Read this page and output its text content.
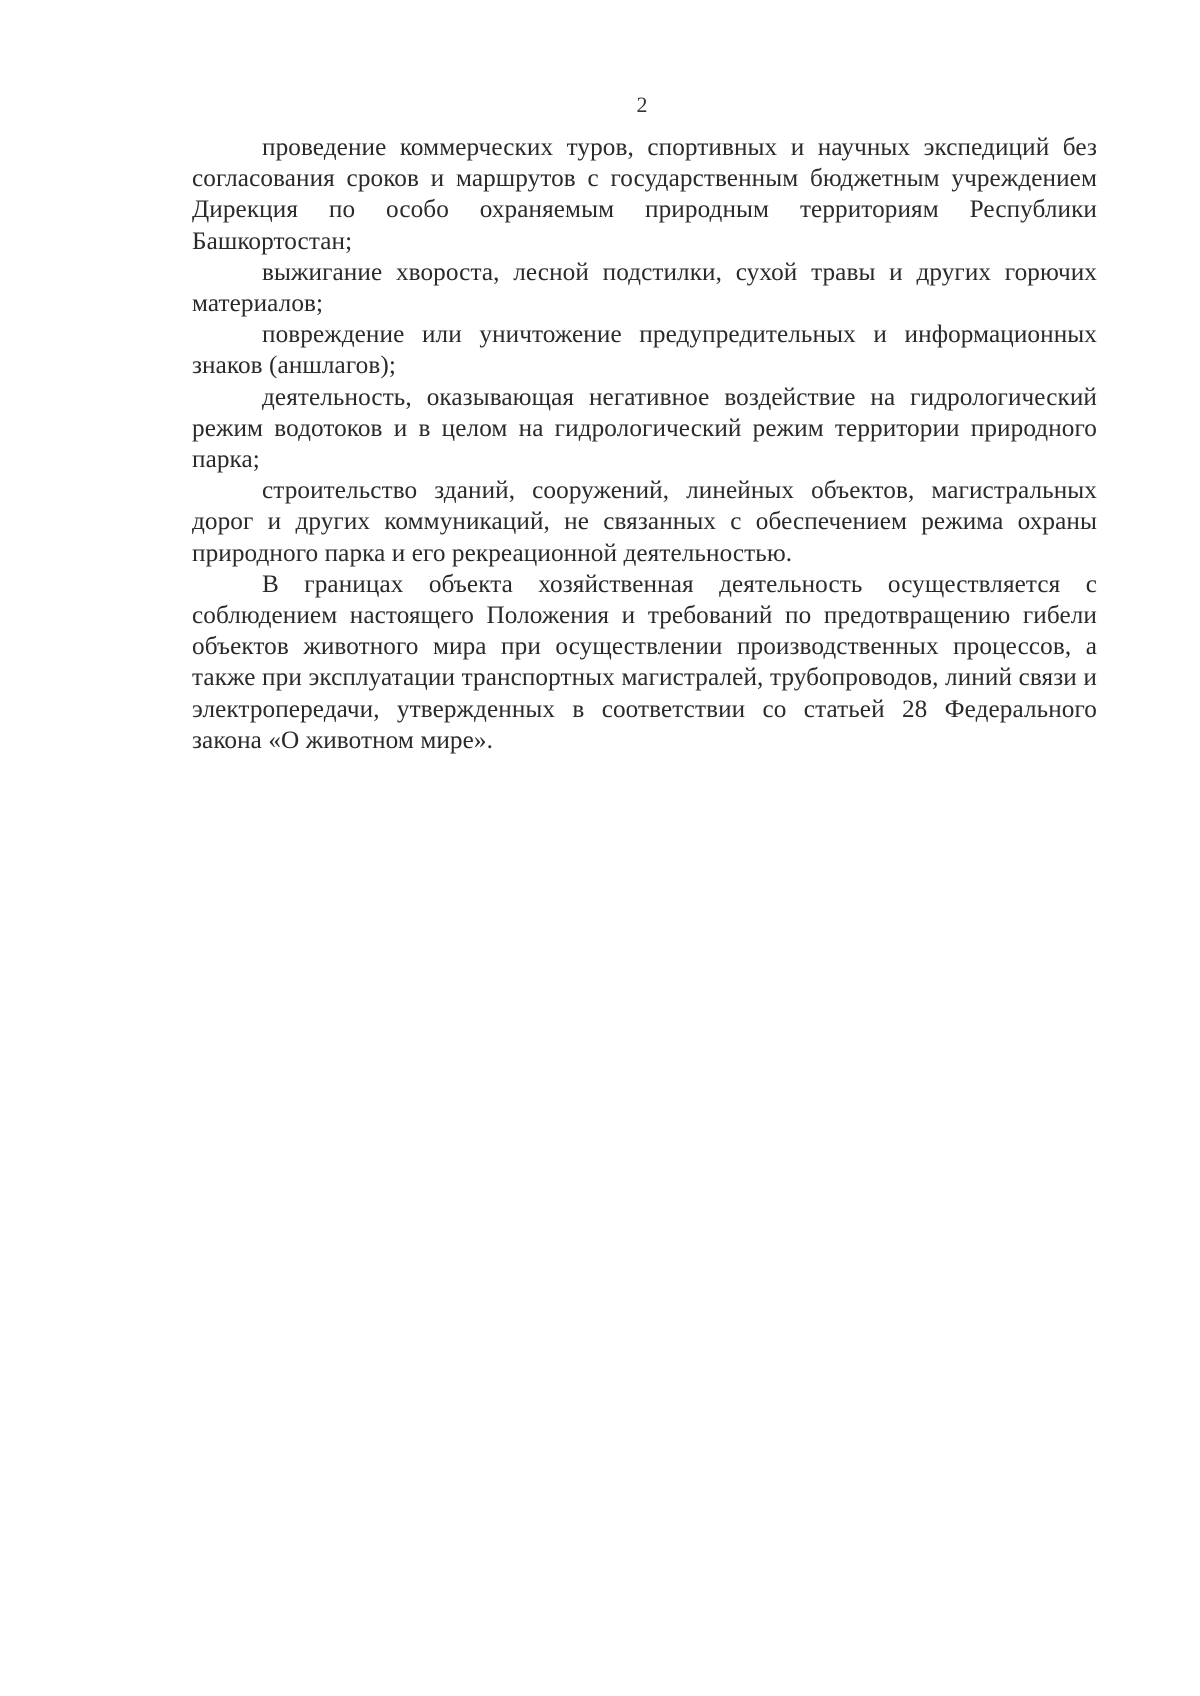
2

проведение коммерческих туров, спортивных и научных экспедиций без согласования сроков и маршрутов с государственным бюджетным учреждением Дирекция по особо охраняемым природным территориям Республики Башкортостан;

выжигание хвороста, лесной подстилки, сухой травы и других горючих материалов;

повреждение или уничтожение предупредительных и информационных знаков (аншлагов);

деятельность, оказывающая негативное воздействие на гидрологический режим водотоков и в целом на гидрологический режим территории природного парка;

строительство зданий, сооружений, линейных объектов, магистральных дорог и других коммуникаций, не связанных с обеспечением режима охраны природного парка и его рекреационной деятельностью.

В границах объекта хозяйственная деятельность осуществляется с соблюдением настоящего Положения и требований по предотвращению гибели объектов животного мира при осуществлении производственных процессов, а также при эксплуатации транспортных магистралей, трубопроводов, линий связи и электропередачи, утвержденных в соответствии со статьей 28 Федерального закона «О животном мире».
